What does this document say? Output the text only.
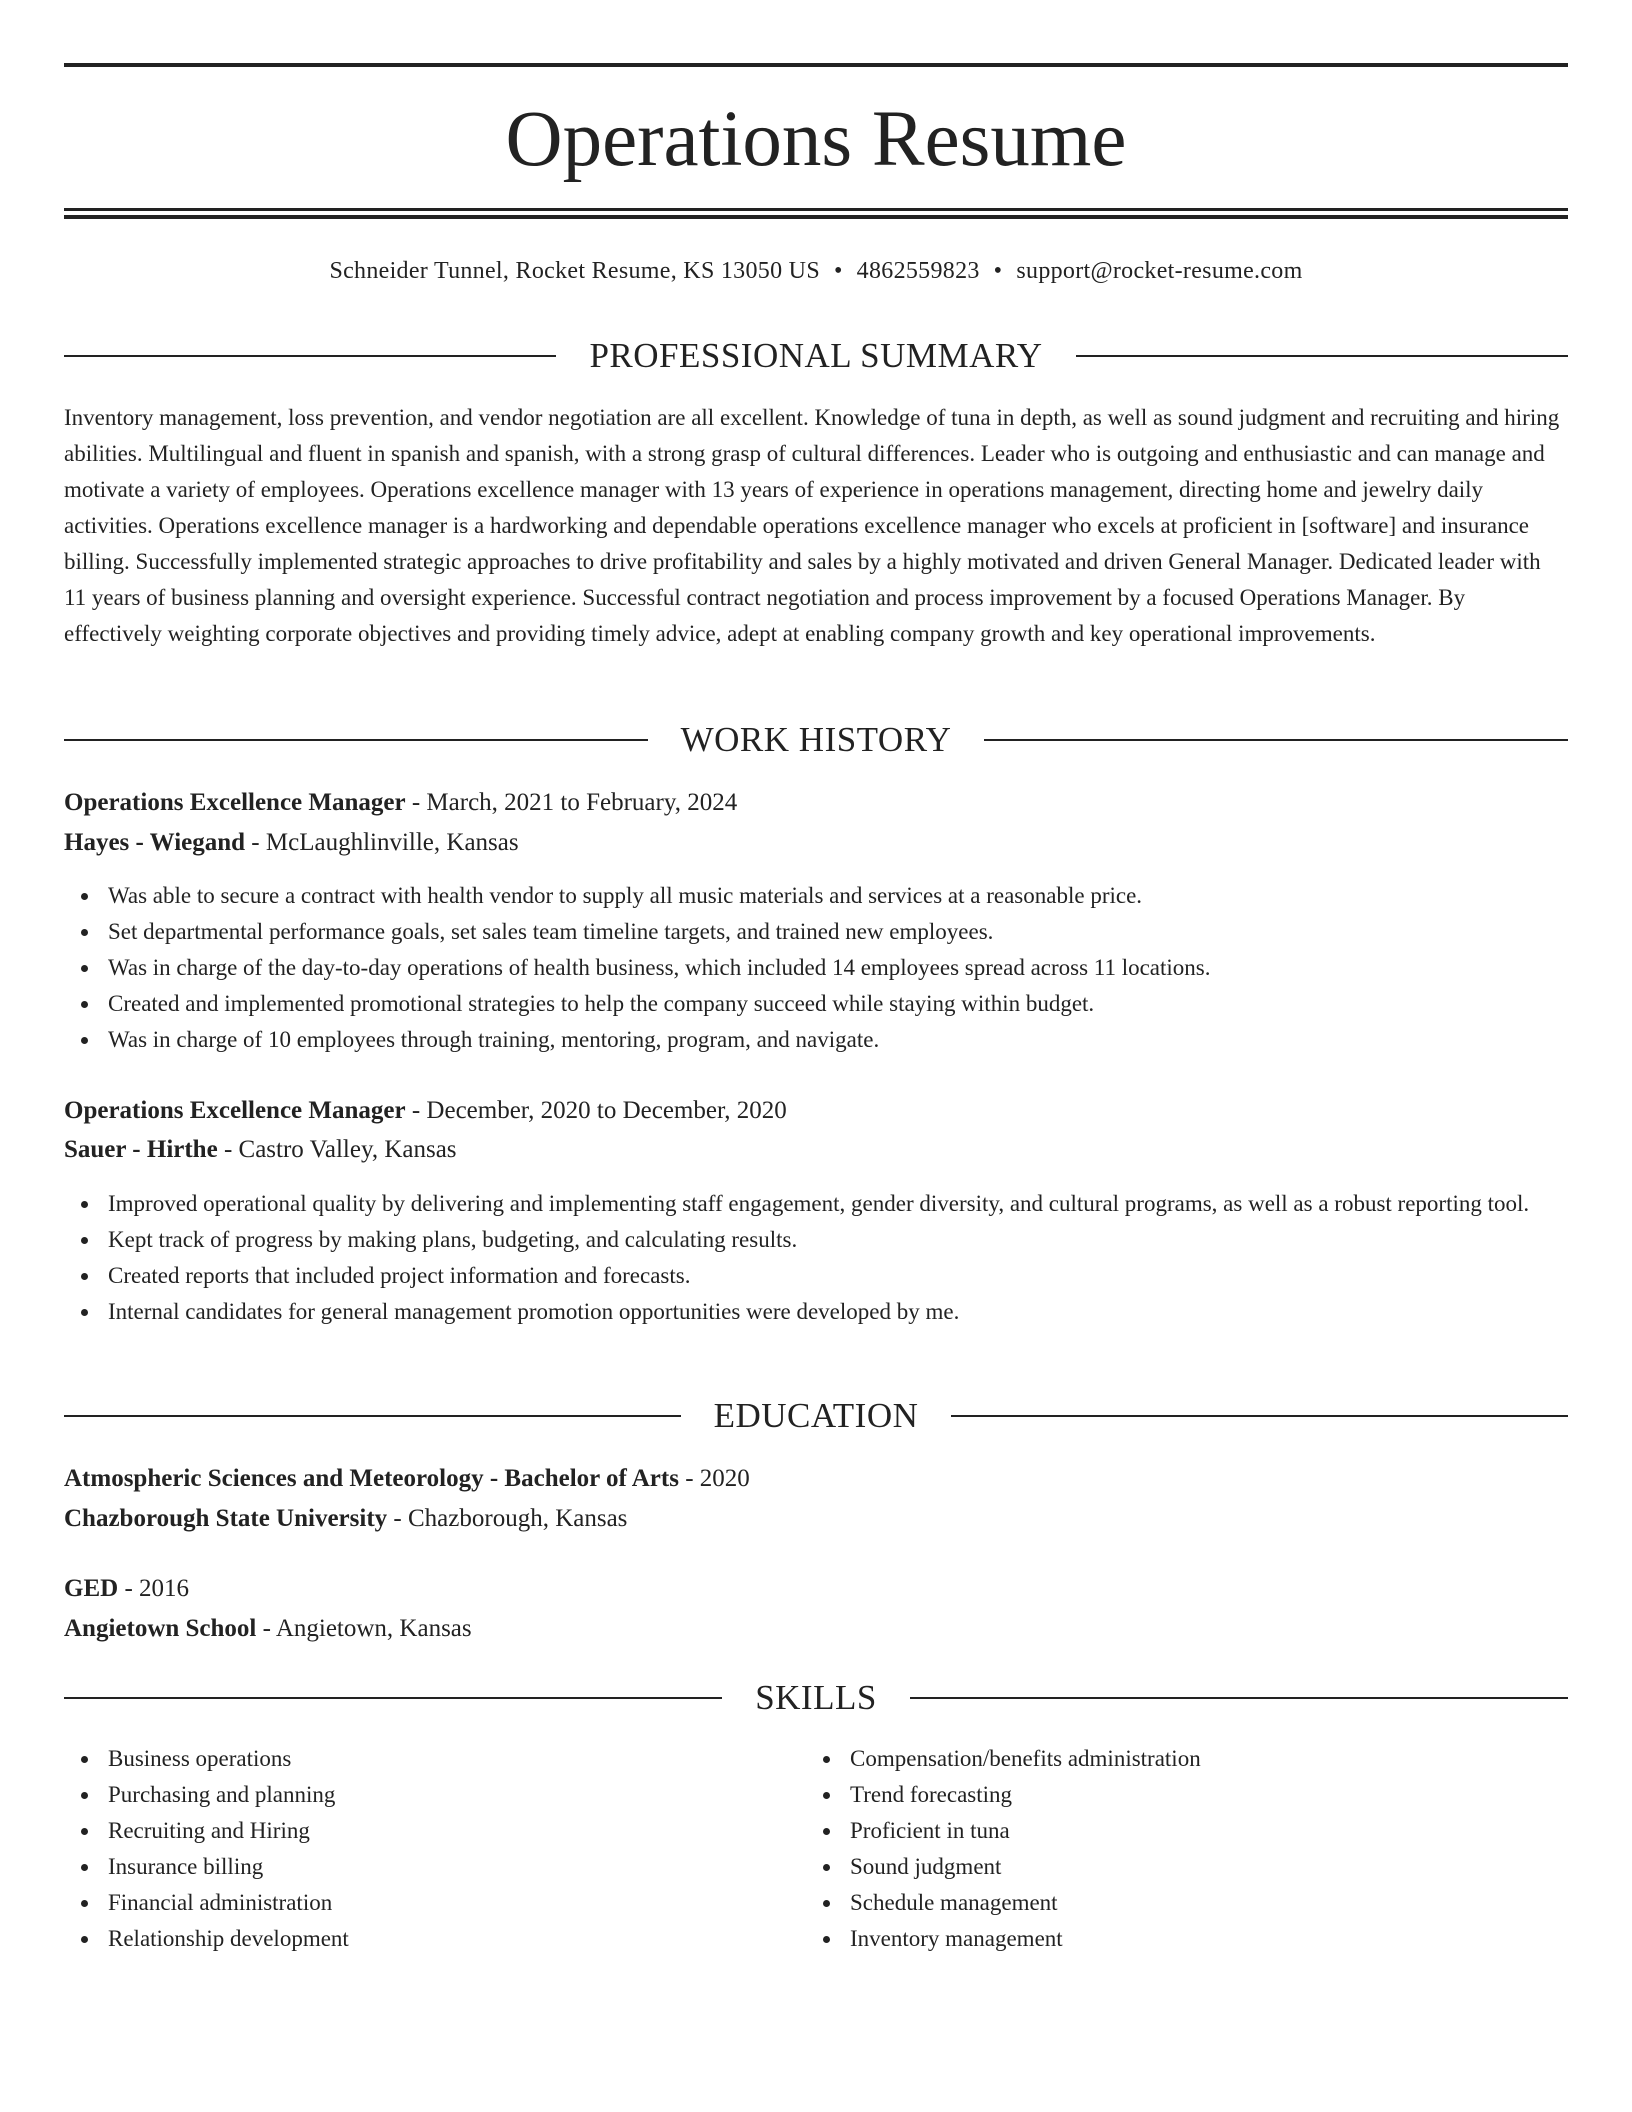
Operations Resume
Schneider Tunnel, Rocket Resume, KS 13050 US • 4862559823 • support@rocket-resume.com
PROFESSIONAL SUMMARY

Inventory management, loss prevention, and vendor negotiation are all excellent. Knowledge of tuna in depth, as well as sound judgment and recruiting and hiring abilities. Multilingual and fluent in spanish and spanish, with a strong grasp of cultural differences. Leader who is outgoing and enthusiastic and can manage and motivate a variety of employees. Operations excellence manager with 13 years of experience in operations management, directing home and jewelry daily activities. Operations excellence manager is a hardworking and dependable operations excellence manager who excels at proficient in [software] and insurance billing. Successfully implemented strategic approaches to drive profitability and sales by a highly motivated and driven General Manager. Dedicated leader with 11 years of business planning and oversight experience. Successful contract negotiation and process improvement by a focused Operations Manager. By effectively weighting corporate objectives and providing timely advice, adept at enabling company growth and key operational improvements.

WORK HISTORY
Operations Excellence Manager - March, 2021 to February, 2024
Hayes - Wiegand - McLaughlinville, Kansas
Was able to secure a contract with health vendor to supply all music materials and services at a reasonable price.
Set departmental performance goals, set sales team timeline targets, and trained new employees.
Was in charge of the day-to-day operations of health business, which included 14 employees spread across 11 locations.
Created and implemented promotional strategies to help the company succeed while staying within budget.
Was in charge of 10 employees through training, mentoring, program, and navigate.
Operations Excellence Manager - December, 2020 to December, 2020
Sauer - Hirthe - Castro Valley, Kansas
Improved operational quality by delivering and implementing staff engagement, gender diversity, and cultural programs, as well as a robust reporting tool.
Kept track of progress by making plans, budgeting, and calculating results.
Created reports that included project information and forecasts.
Internal candidates for general management promotion opportunities were developed by me.
EDUCATION
Atmospheric Sciences and Meteorology - Bachelor of Arts - 2020
Chazborough State University - Chazborough, Kansas
GED - 2016
Angietown School - Angietown, Kansas
SKILLS
Business operations
Purchasing and planning
Recruiting and Hiring
Insurance billing
Financial administration
Relationship development
Compensation/benefits administration
Trend forecasting
Proficient in tuna
Sound judgment
Schedule management
Inventory management
